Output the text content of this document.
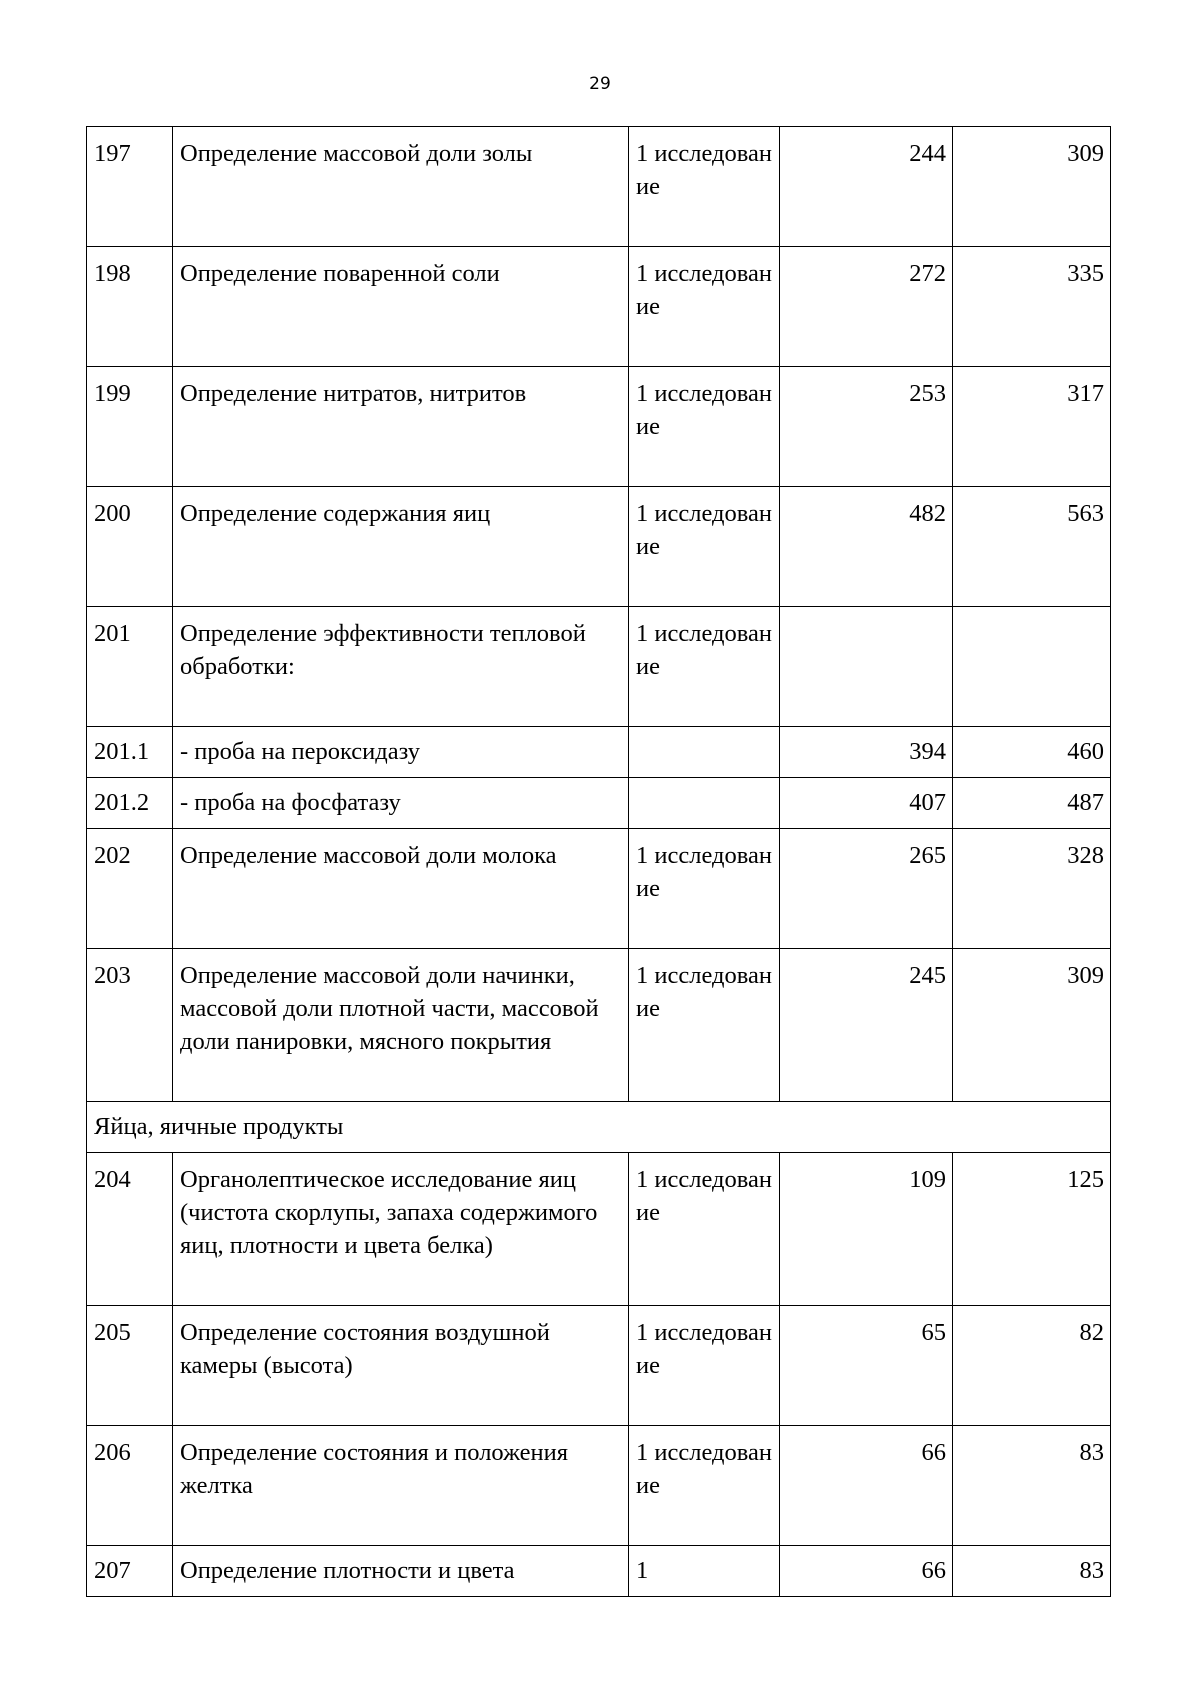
29
197	Определение массовой доли золы	1 исследование	244	309
198	Определение поваренной соли	1 исследование	272	335
199	Определение нитратов, нитритов	1 исследование	253	317
200	Определение содержания яиц	1 исследование	482	563
201	Определение эффективности тепловой обработки:	1 исследование		
201.1	- проба на пероксидазу		394	460
201.2	- проба на фосфатазу		407	487
202	Определение массовой доли молока	1 исследование	265	328
203	Определение массовой доли начинки, массовой доли плотной части, массовой доли панировки, мясного покрытия	1 исследование	245	309
Яйца, яичные продукты				
204	Органолептическое исследование яиц (чистота скорлупы, запаха содержимого яиц, плотности и цвета белка)	1 исследование	109	125
205	Определение состояния воздушной камеры (высота)	1 исследование	65	82
206	Определение состояния и положения желтка	1 исследование	66	83
207	Определение плотности и цвета	1	66	83
